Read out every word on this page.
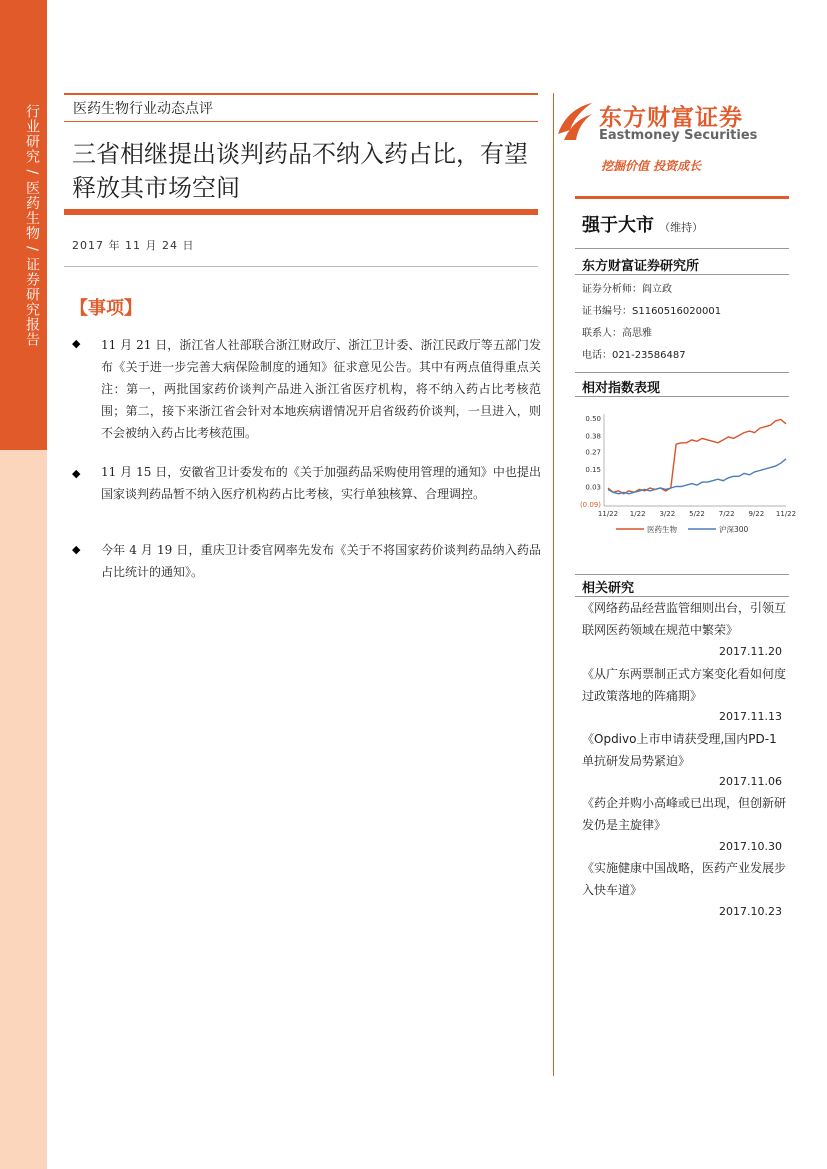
行业研究 / 医药生物 / 证券研究报告 医药生物行业动态点评
三省相继提出谈判药品不纳入药占比，有望释放其市场空间
2017 年 11 月 24 日
东方财富证券
Eastmoney Securities
挖掘价值 投资成长
【事项】
◆ 11 月 21 日，浙江省人社部联合浙江财政厅、浙江卫计委、浙江民政厅等五部门发布《关于进一步完善大病保险制度的通知》征求意见公告。其中有两点值得重点关注：第一，两批国家药价谈判产品进入浙江省医疗机构，将不纳入药占比考核范围；第二，接下来浙江省会针对本地疾病谱情况开启省级药价谈判，一旦进入，则不会被纳入药占比考核范围。
◆ 11 月 15 日，安徽省卫计委发布的《关于加强药品采购使用管理的通知》中也提出国家谈判药品暂不纳入医疗机构药占比考核，实行单独核算、合理调控。
◆ 今年 4 月 19 日，重庆卫计委官网率先发布《关于不将国家药价谈判药品纳入药品占比统计的通知》。
强于大市 （维持）
东方财富证券研究所
证券分析师：阎立政
证书编号：S1160516020001
联系人：高思雅
电话：021-23586487
相对指数表现
0.50
0.38
0.27
0.15
0.03
(0.09)
11/22 1/22 3/22 5/22 7/22 9/22 11/22
医药生物	沪深300
相关研究
《网络药品经营监管细则出台，引领互联网医药领域在规范中繁荣》
2017.11.20
《从广东两票制正式方案变化看如何度过政策落地的阵痛期》
2017.11.13
《Opdivo上市申请获受理,国内PD-1单抗研发局势紧迫》
2017.11.06
《药企并购小高峰或已出现，但创新研发仍是主旋律》
2017.10.30
《实施健康中国战略，医药产业发展步入快车道》
2017.10.23
